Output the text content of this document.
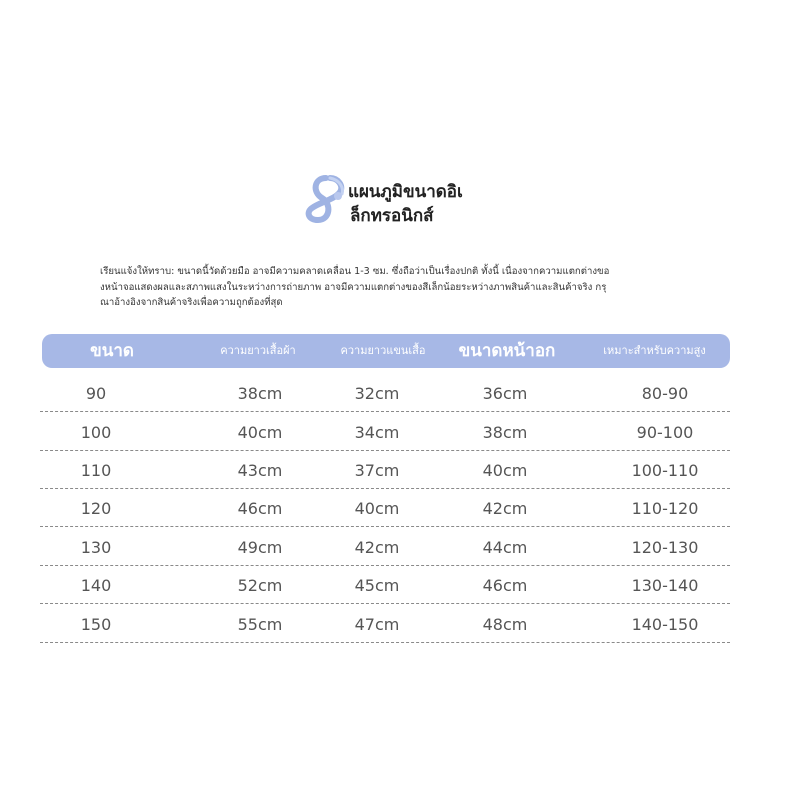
แผนภูมิขนาดอิเ
ล็กทรอนิกส์
เรียนแจ้งให้ทราบ: ขนาดนี้วัดด้วยมือ อาจมีความคลาดเคลื่อน 1-3 ซม. ซึ่งถือว่าเป็นเรื่องปกติ ทั้งนี้ เนื่องจากความแตกต่างขอ
งหน้าจอแสดงผลและสภาพแสงในระหว่างการถ่ายภาพ อาจมีความแตกต่างของสีเล็กน้อยระหว่างภาพสินค้าและสินค้าจริง กรุ
ณาอ้างอิงจากสินค้าจริงเพื่อความถูกต้องที่สุด
ขนาด	ความยาวเสื้อผ้า	ความยาวแขนเสื้อ	ขนาดหน้าอก	เหมาะสำหรับความสูง
90	38cm	32cm	36cm	80-90
100	40cm	34cm	38cm	90-100
110	43cm	37cm	40cm	100-110
120	46cm	40cm	42cm	110-120
130	49cm	42cm	44cm	120-130
140	52cm	45cm	46cm	130-140
150	55cm	47cm	48cm	140-150
